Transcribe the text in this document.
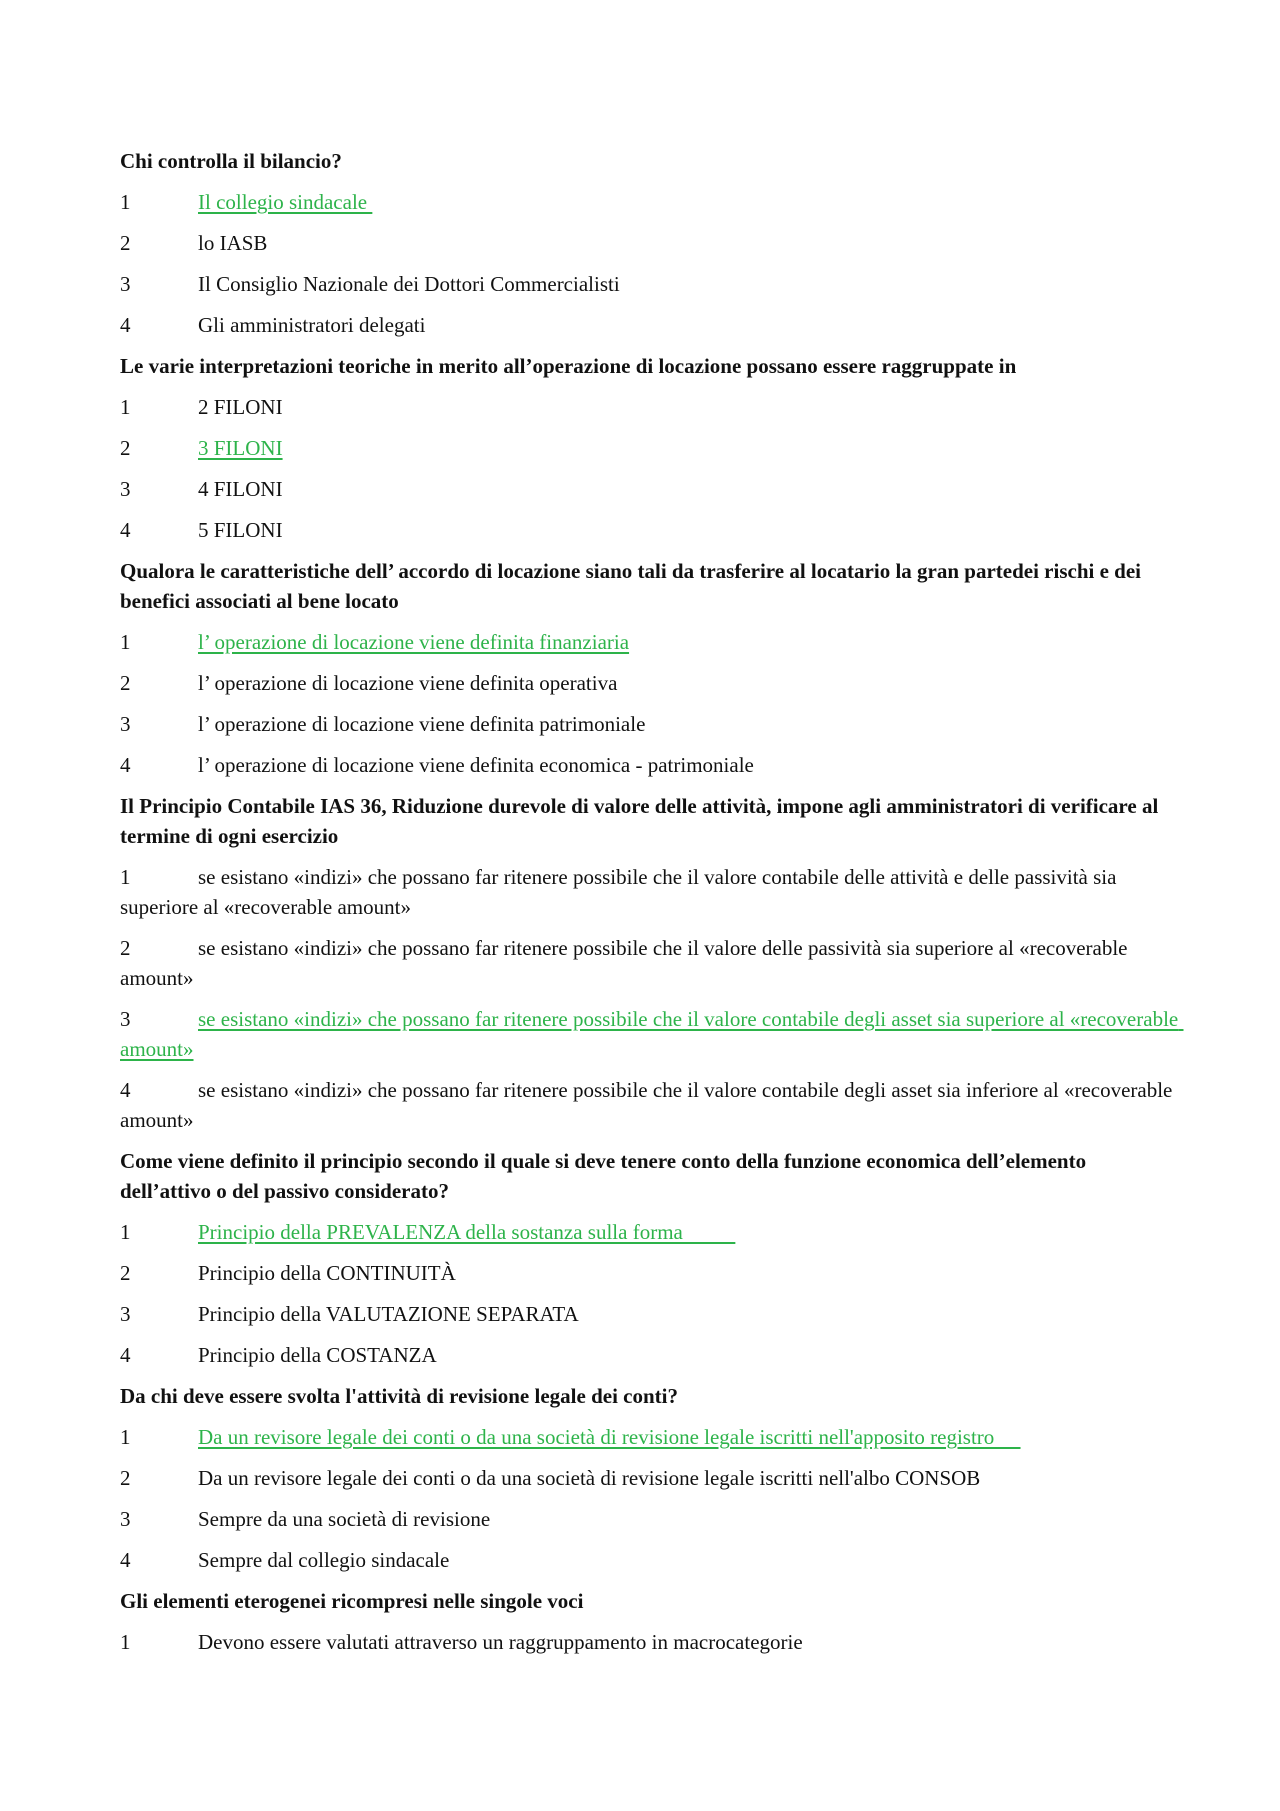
Chi controlla il bilancio?
1	Il collegio sindacale
2	lo IASB
3	Il Consiglio Nazionale dei Dottori Commercialisti
4	Gli amministratori delegati
Le varie interpretazioni teoriche in merito all’operazione di locazione possano essere raggruppate in
1	2 FILONI
2	3 FILONI
3	4 FILONI
4	5 FILONI
Qualora le caratteristiche dell’ accordo di locazione siano tali da trasferire al locatario la gran partedei rischi e dei benefici associati al bene locato
1	l’ operazione di locazione viene definita finanziaria
2	l’ operazione di locazione viene definita operativa
3	l’ operazione di locazione viene definita patrimoniale
4	l’ operazione di locazione viene definita economica - patrimoniale
Il Principio Contabile IAS 36, Riduzione durevole di valore delle attività, impone agli amministratori di verificare al termine di ogni esercizio
1	se esistano «indizi» che possano far ritenere possibile che il valore contabile delle attività e delle passività sia superiore al «recoverable amount»
2	se esistano «indizi» che possano far ritenere possibile che il valore delle passività sia superiore al «recoverable amount»
3	se esistano «indizi» che possano far ritenere possibile che il valore contabile degli asset sia superiore al «recoverable amount»
4	se esistano «indizi» che possano far ritenere possibile che il valore contabile degli asset sia inferiore al «recoverable amount»
Come viene definito il principio secondo il quale si deve tenere conto della funzione economica dell’elemento dell’attivo o del passivo considerato?
1	Principio della PREVALENZA della sostanza sulla forma
2	Principio della CONTINUITÀ
3	Principio della VALUTAZIONE SEPARATA
4	Principio della COSTANZA
Da chi deve essere svolta l'attività di revisione legale dei conti?
1	Da un revisore legale dei conti o da una società di revisione legale iscritti nell'apposito registro
2	Da un revisore legale dei conti o da una società di revisione legale iscritti nell'albo CONSOB
3	Sempre da una società di revisione
4	Sempre dal collegio sindacale
Gli elementi eterogenei ricompresi nelle singole voci
1	Devono essere valutati attraverso un raggruppamento in macrocategorie
